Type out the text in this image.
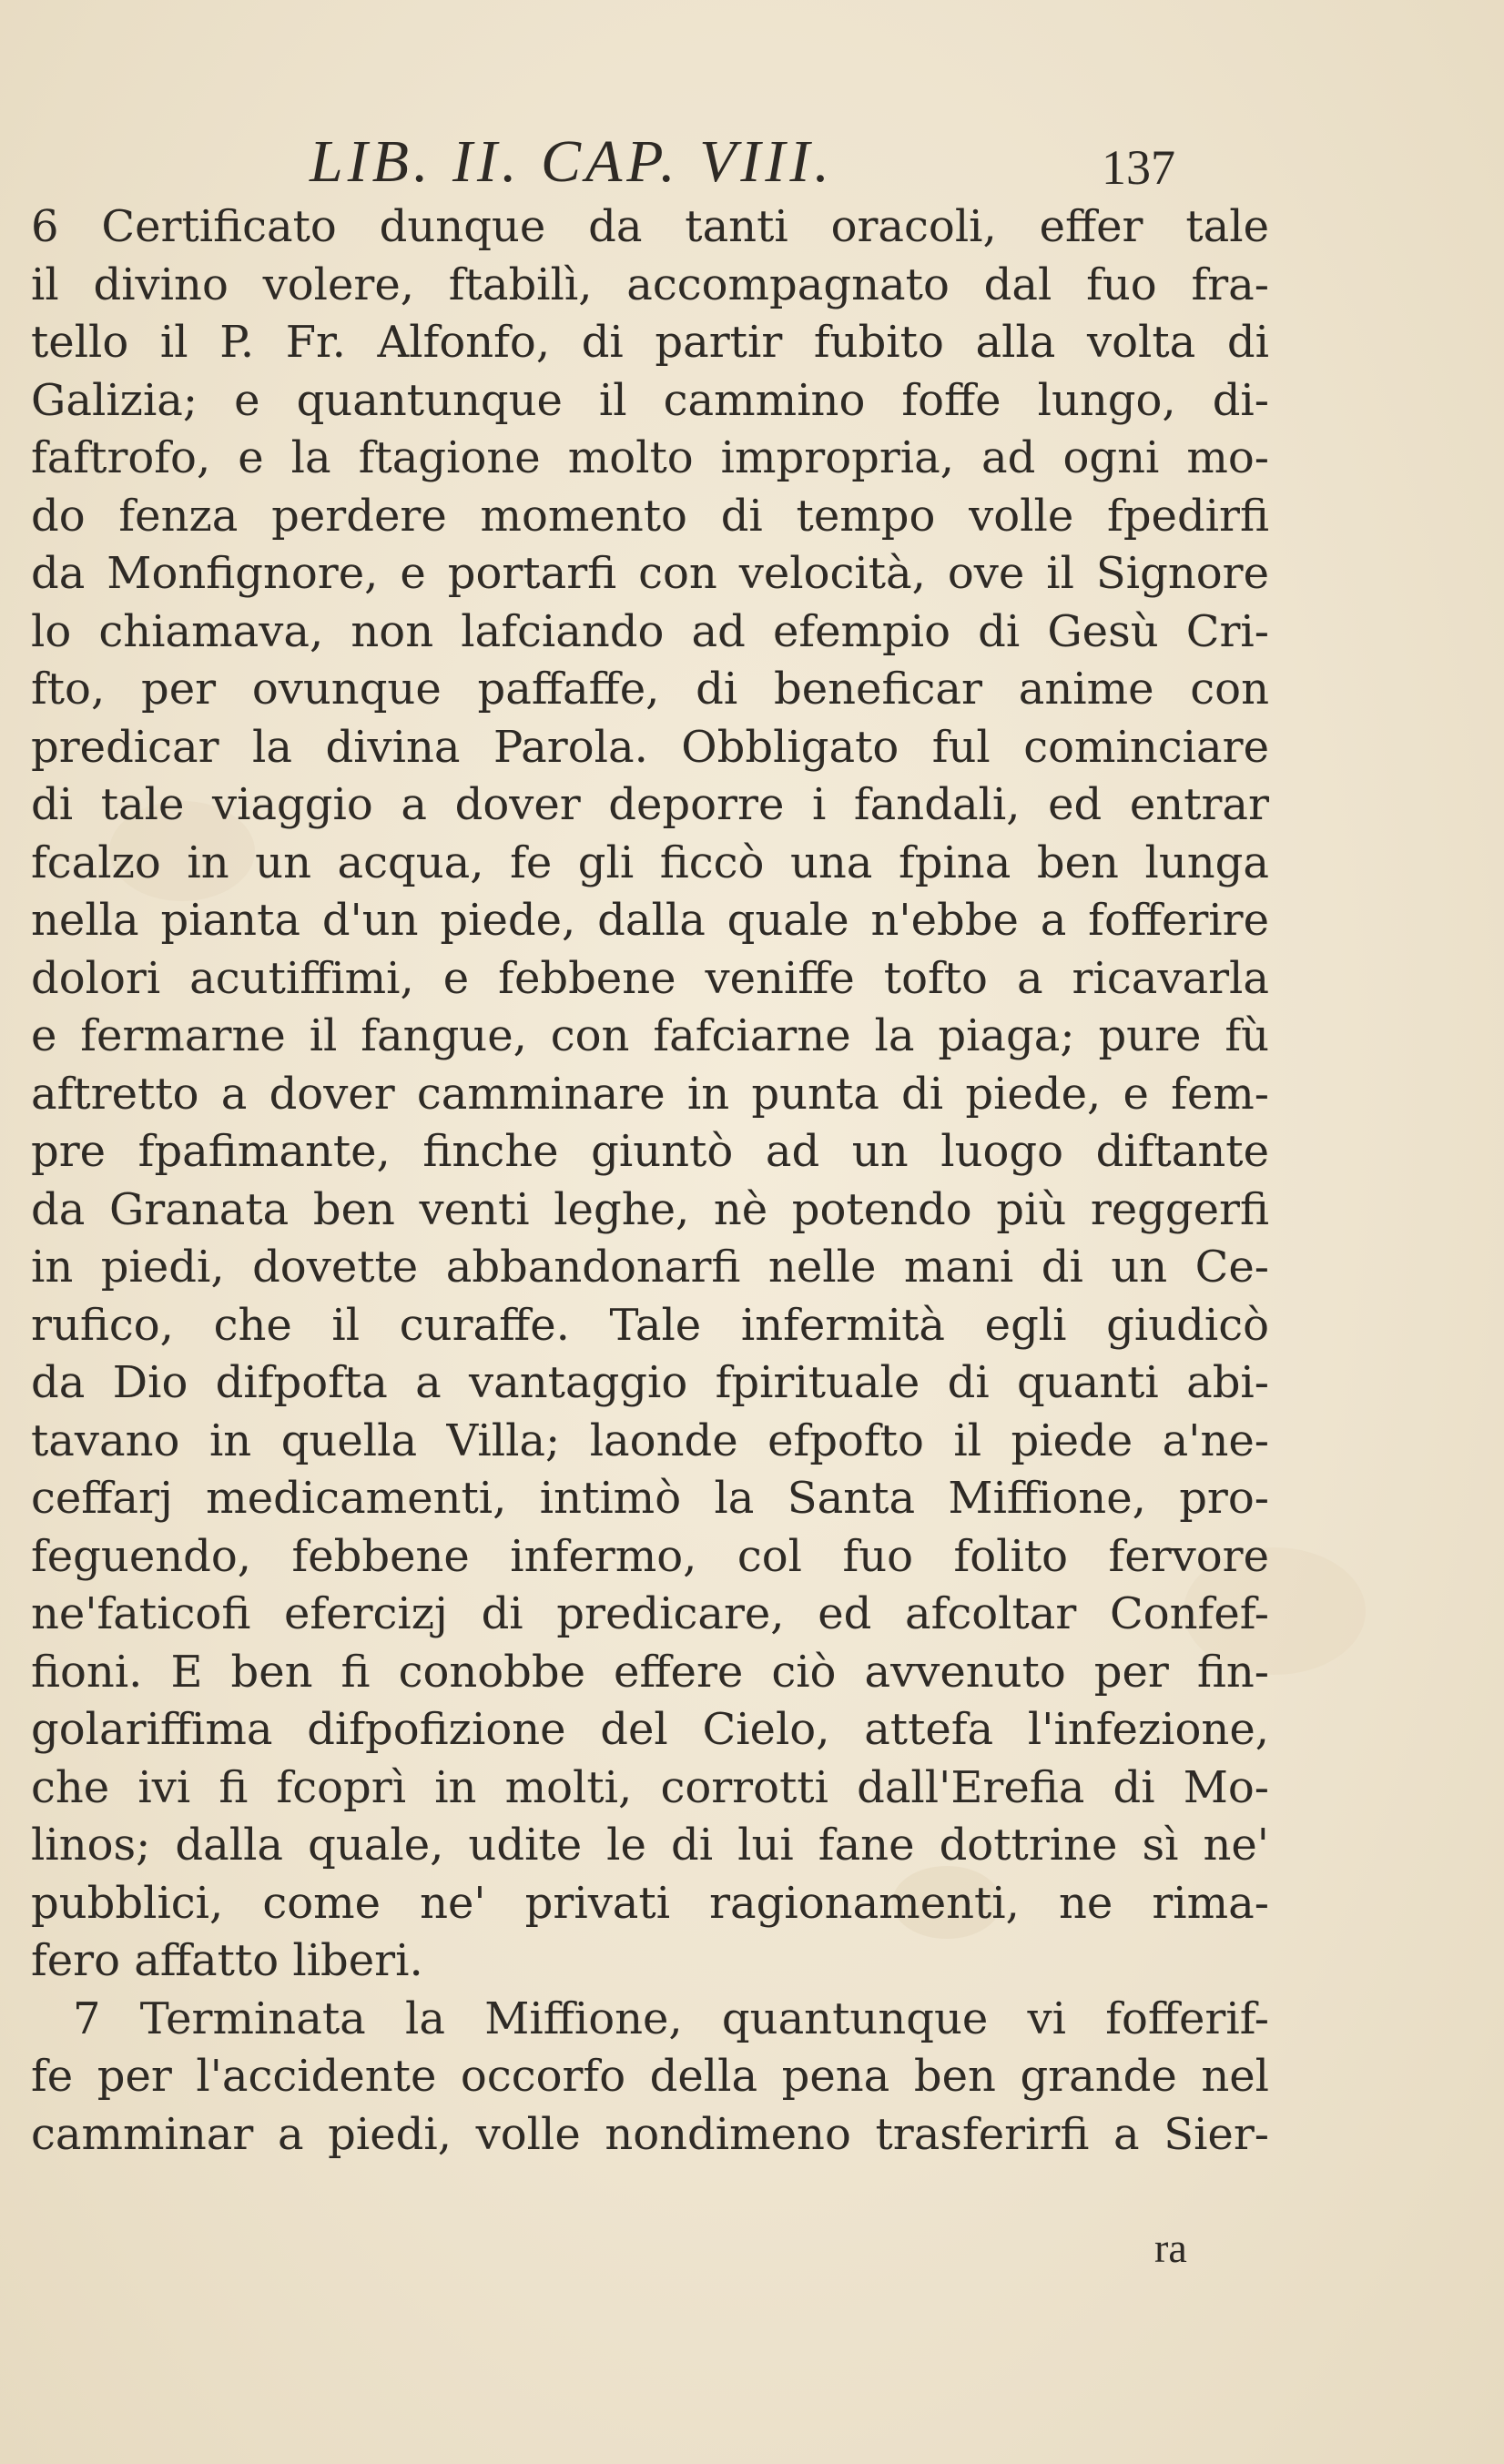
LIB. II. CAP. VIII.	137
6 Certificato dunque da tanti oracoli, effer tale
il divino volere, ftabilì, accompagnato dal fuo fra-
tello il P. Fr. Alfonfo, di partir fubito alla volta di
Galizia; e quantunque il cammino foffe lungo, di-
faftrofo, e la ftagione molto impropria, ad ogni mo-
do fenza perdere momento di tempo volle fpedirfi
da Monfignore, e portarfi con velocità, ove il Signore
lo chiamava, non lafciando ad efempio di Gesù Cri-
fto, per ovunque paffaffe, di beneficar anime con
predicar la divina Parola. Obbligato ful cominciare
di tale viaggio a dover deporre i fandali, ed entrar
fcalzo in un acqua, fe gli ficcò una fpina ben lunga
nella pianta d'un piede, dalla quale n'ebbe a fofferire
dolori acutiffimi, e febbene veniffe tofto a ricavarla
e fermarne il fangue, con fafciarne la piaga; pure fù
aftretto a dover camminare in punta di piede, e fem-
pre fpafimante, finche giuntò ad un luogo diftante
da Granata ben venti leghe, nè potendo più reggerfi
in piedi, dovette abbandonarfi nelle mani di un Ce-
rufico, che il curaffe. Tale infermità egli giudicò
da Dio difpofta a vantaggio fpirituale di quanti abi-
tavano in quella Villa; laonde efpofto il piede a'ne-
ceffarj medicamenti, intimò la Santa Miffione, pro-
feguendo, febbene infermo, col fuo folito fervore
ne'faticofi efercizj di predicare, ed afcoltar Confef-
fioni. E ben fi conobbe effere ciò avvenuto per fin-
golariffima difpofizione del Cielo, attefa l'infezione,
che ivi fi fcoprì in molti, corrotti dall'Erefia di Mo-
linos; dalla quale, udite le di lui fane dottrine sì ne'
pubblici, come ne' privati ragionamenti, ne rima-
fero affatto liberi.
7 Terminata la Miffione, quantunque vi fofferif-
fe per l'accidente occorfo della pena ben grande nel
camminar a piedi, volle nondimeno trasferirfi a Sier-
ra
